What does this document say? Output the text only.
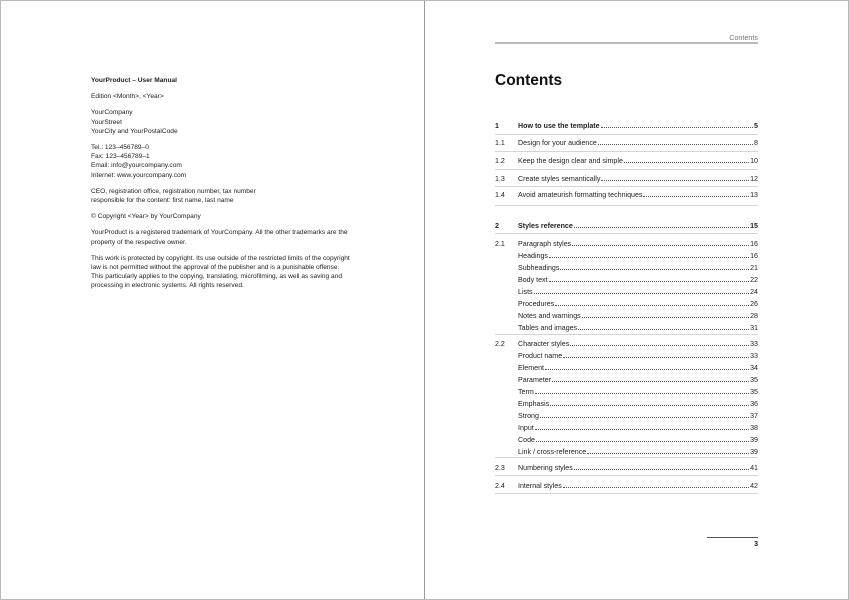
YourProduct – User Manual
Edition <Month>, <Year>
YourCompany
YourStreet
YourCity and YourPostalCode
Tel.: 123–456789–0
Fax: 123–456789–1
Email: info@yourcompany.com
Internet: www.yourcompany.com
CEO, registration office, registration number, tax number
responsible for the content: first name, last name
© Copyright <Year> by YourCompany
YourProduct is a registered trademark of YourCompany. All the other trademarks are the
property of the respective owner.
This work is protected by copyright. Its use outside of the restricted limits of the copyright
law is not permitted without the approval of the publisher and is a punishable offense.
This particularly applies to the copying, translating, microfilming, as well as saving and
processing in electronic systems. All rights reserved.
Contents
Contents
1	How to use the template	5
1.1 Design for your audience	8
1.2 Keep the design clear and simple	10
1.3 Create styles semantically	12
1.4 Avoid amateurish formatting techniques	13
2	Styles reference	15
2.1 Paragraph styles	16
Headings	16
Subheadings	21
Body text	22
Lists	24
Procedures	26
Notes and warnings	28
Tables and images	31
2.2 Character styles	33
Product name	33
Element	34
Parameter	35
Term	35
Emphasis	36
Strong	37
Input	38
Code	39
Link / cross-reference	39
2.3 Numbering styles	41
2.4 Internal styles	42
3
